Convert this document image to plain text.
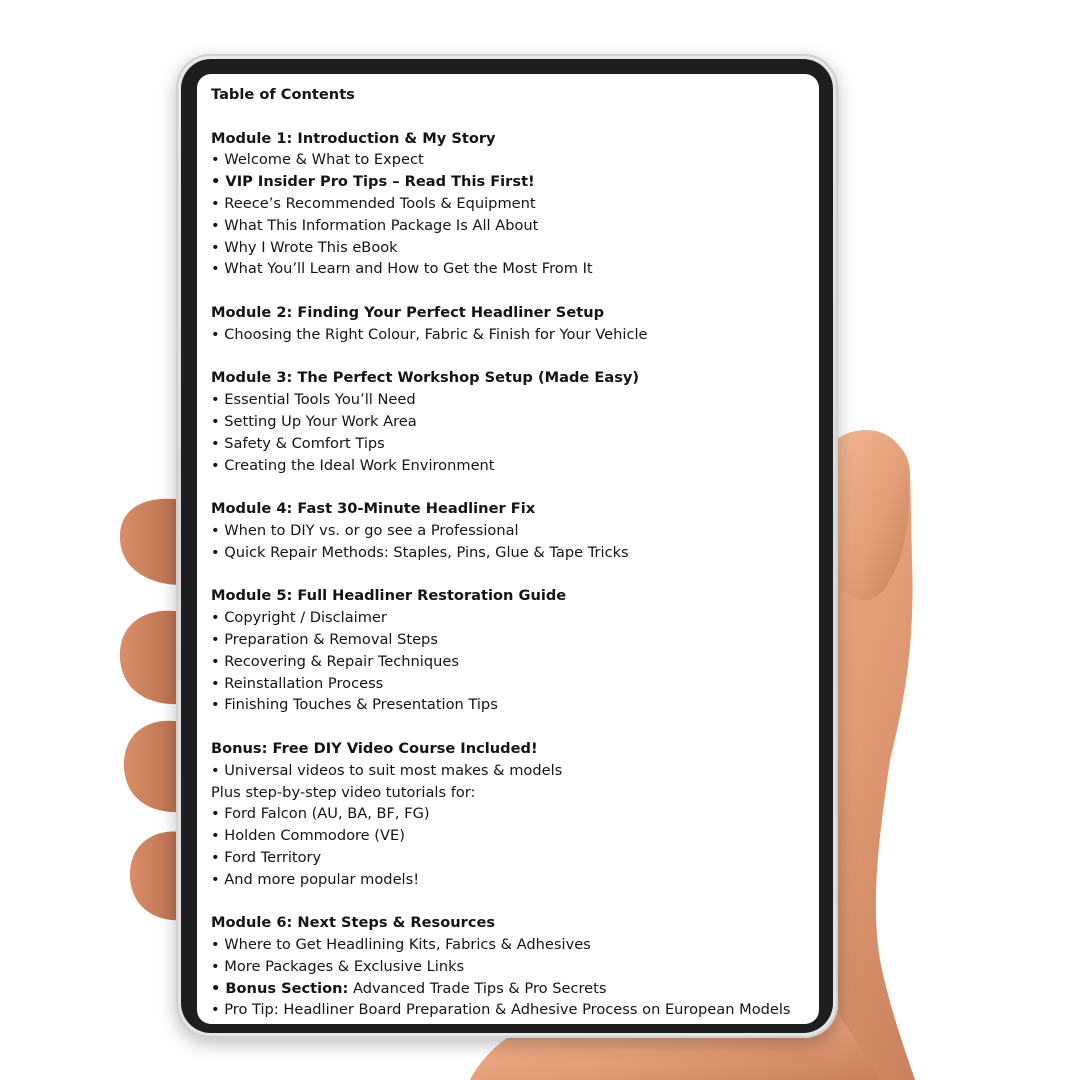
Table of Contents
Module 1: Introduction & My Story
• Welcome & What to Expect
• VIP Insider Pro Tips – Read This First!
• Reece’s Recommended Tools & Equipment
• What This Information Package Is All About
• Why I Wrote This eBook
• What You’ll Learn and How to Get the Most From It
Module 2: Finding Your Perfect Headliner Setup
• Choosing the Right Colour, Fabric & Finish for Your Vehicle
Module 3: The Perfect Workshop Setup (Made Easy)
• Essential Tools You’ll Need
• Setting Up Your Work Area
• Safety & Comfort Tips
• Creating the Ideal Work Environment
Module 4: Fast 30-Minute Headliner Fix
• When to DIY vs. or go see a Professional
• Quick Repair Methods: Staples, Pins, Glue & Tape Tricks
Module 5: Full Headliner Restoration Guide
• Copyright / Disclaimer
• Preparation & Removal Steps
• Recovering & Repair Techniques
• Reinstallation Process
• Finishing Touches & Presentation Tips
Bonus: Free DIY Video Course Included!
• Universal videos to suit most makes & models
Plus step-by-step video tutorials for:
• Ford Falcon (AU, BA, BF, FG)
• Holden Commodore (VE)
• Ford Territory
• And more popular models!
Module 6: Next Steps & Resources
• Where to Get Headlining Kits, Fabrics & Adhesives
• More Packages & Exclusive Links
• Bonus Section: Advanced Trade Tips & Pro Secrets
• Pro Tip: Headliner Board Preparation & Adhesive Process on European Models
